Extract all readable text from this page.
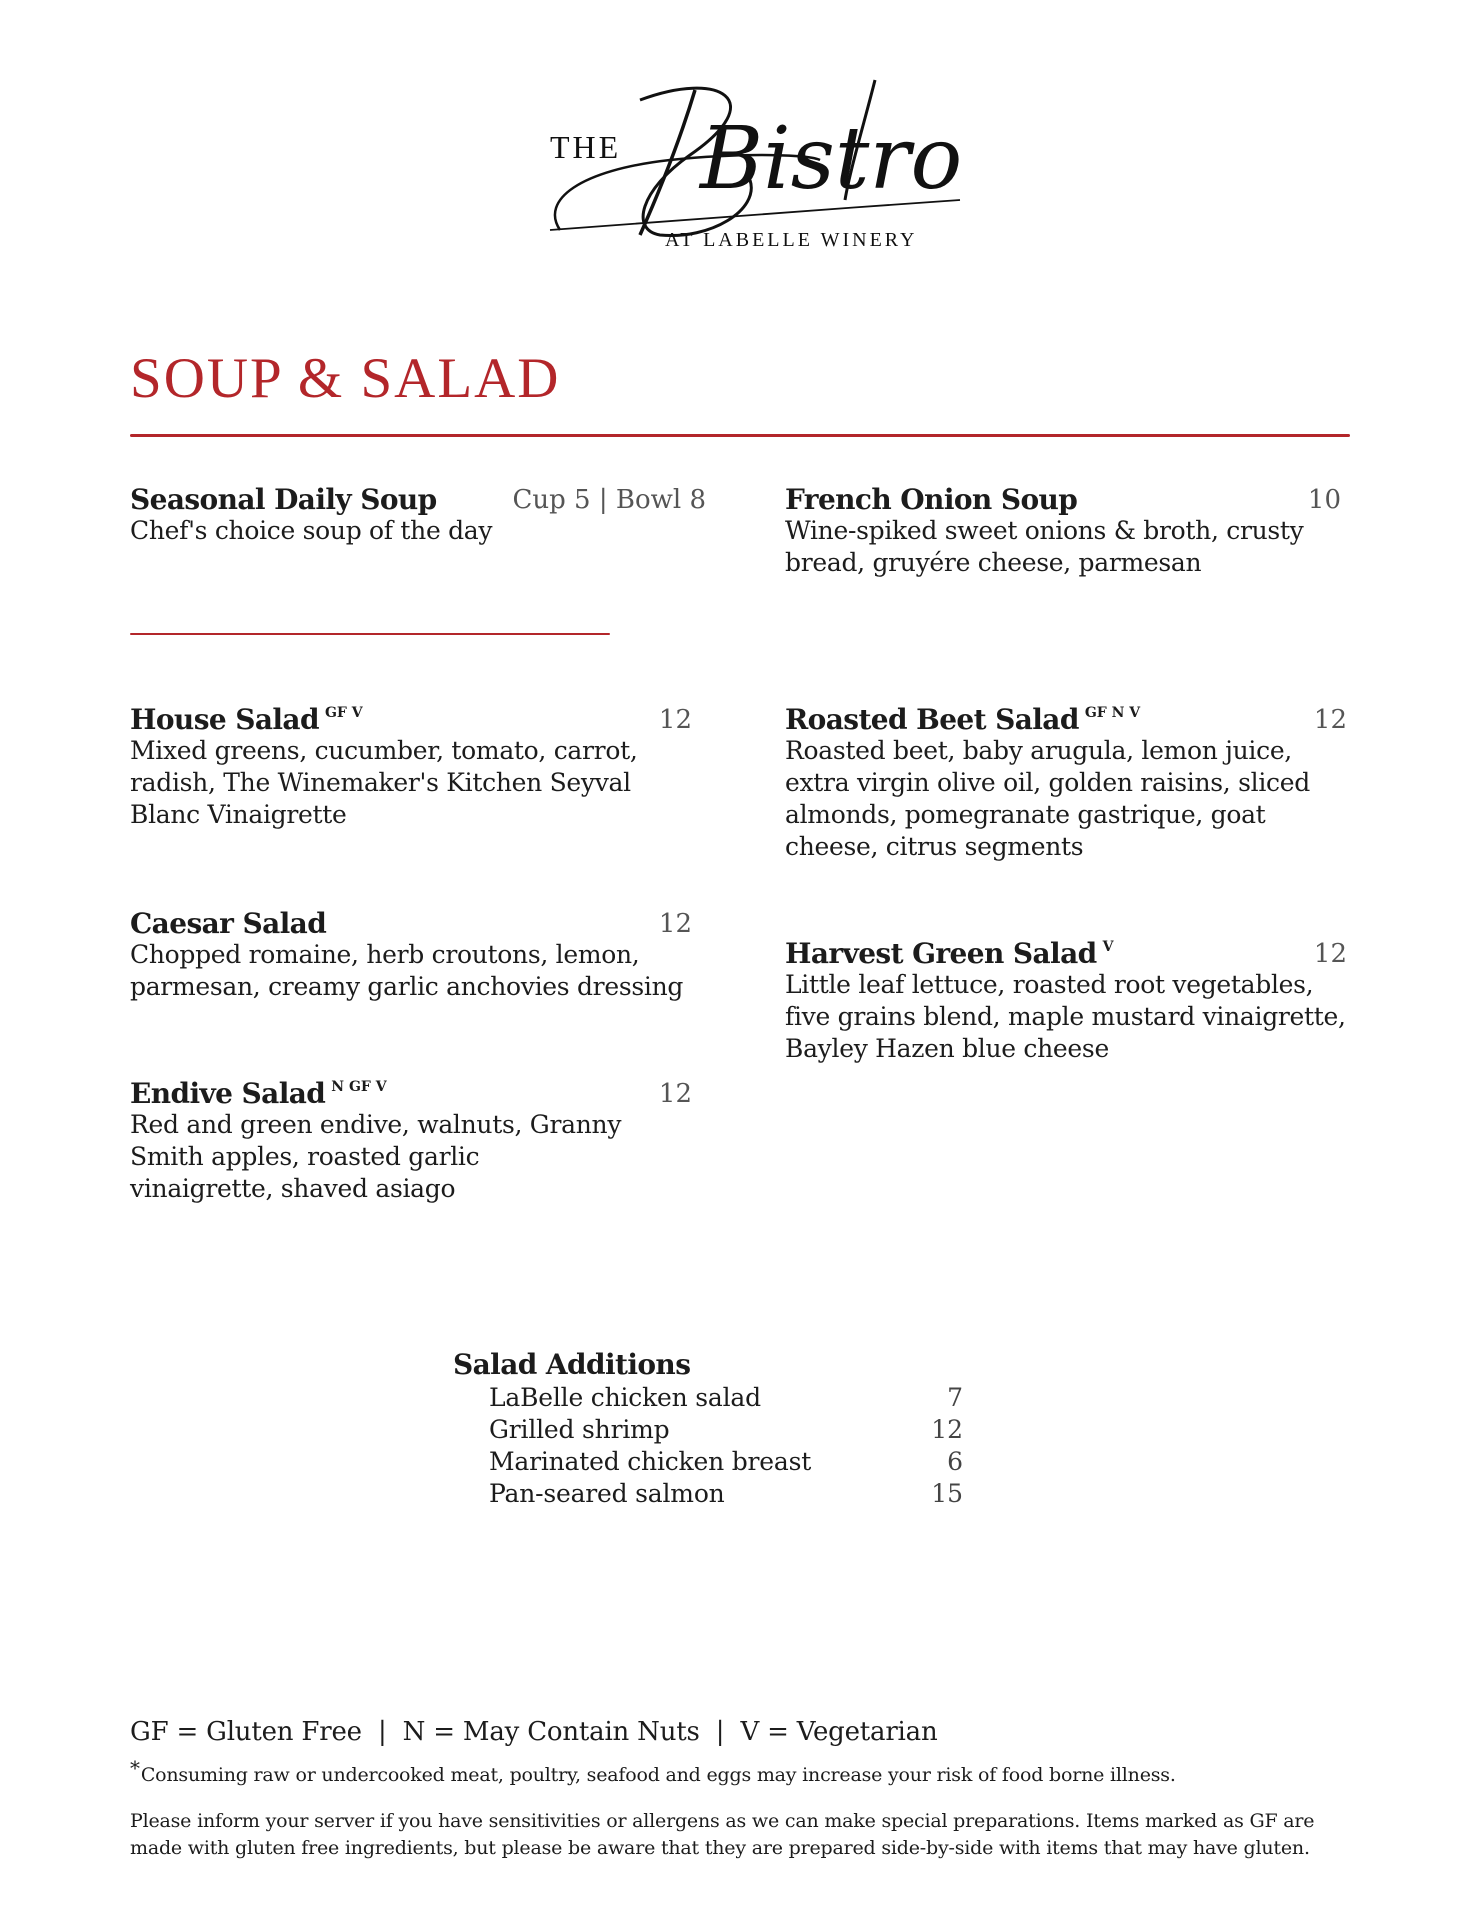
THE Bistro
AT LABELLE WINERY
SOUP & SALAD
Seasonal Daily Soup	Cup 5 | Bowl 8
Chef's choice soup of the day
French Onion Soup	10
Wine-spiked sweet onions & broth, crusty bread, gruyére cheese, parmesan
House Salad $^{GF V}$	12
Mixed greens, cucumber, tomato, carrot, radish, The Winemaker's Kitchen Seyval Blanc Vinaigrette
Caesar Salad	12
Chopped romaine, herb croutons, lemon, parmesan, creamy garlic anchovies dressing
Endive Salad $^{N GF V}$	12
Red and green endive, walnuts, Granny Smith apples, roasted garlic vinaigrette, shaved asiago
Roasted Beet Salad $^{GF N V}$	12
Roasted beet, baby arugula, lemon juice, extra virgin olive oil, golden raisins, sliced almonds, pomegranate gastrique, goat cheese, citrus segments
Harvest Green Salad $^V$	12
Little leaf lettuce, roasted root vegetables, five grains blend, maple mustard vinaigrette, Bayley Hazen blue cheese
Salad Additions
LaBelle chicken salad	7
Grilled shrimp	12
Marinated chicken breast	6
Pan-seared salmon	15
GF = Gluten Free  |  N = May Contain Nuts  |  V = Vegetarian
*Consuming raw or undercooked meat, poultry, seafood and eggs may increase your risk of food borne illness.
Please inform your server if you have sensitivities or allergens as we can make special preparations. Items marked as GF are made with gluten free ingredients, but please be aware that they are prepared side-by-side with items that may have gluten.
